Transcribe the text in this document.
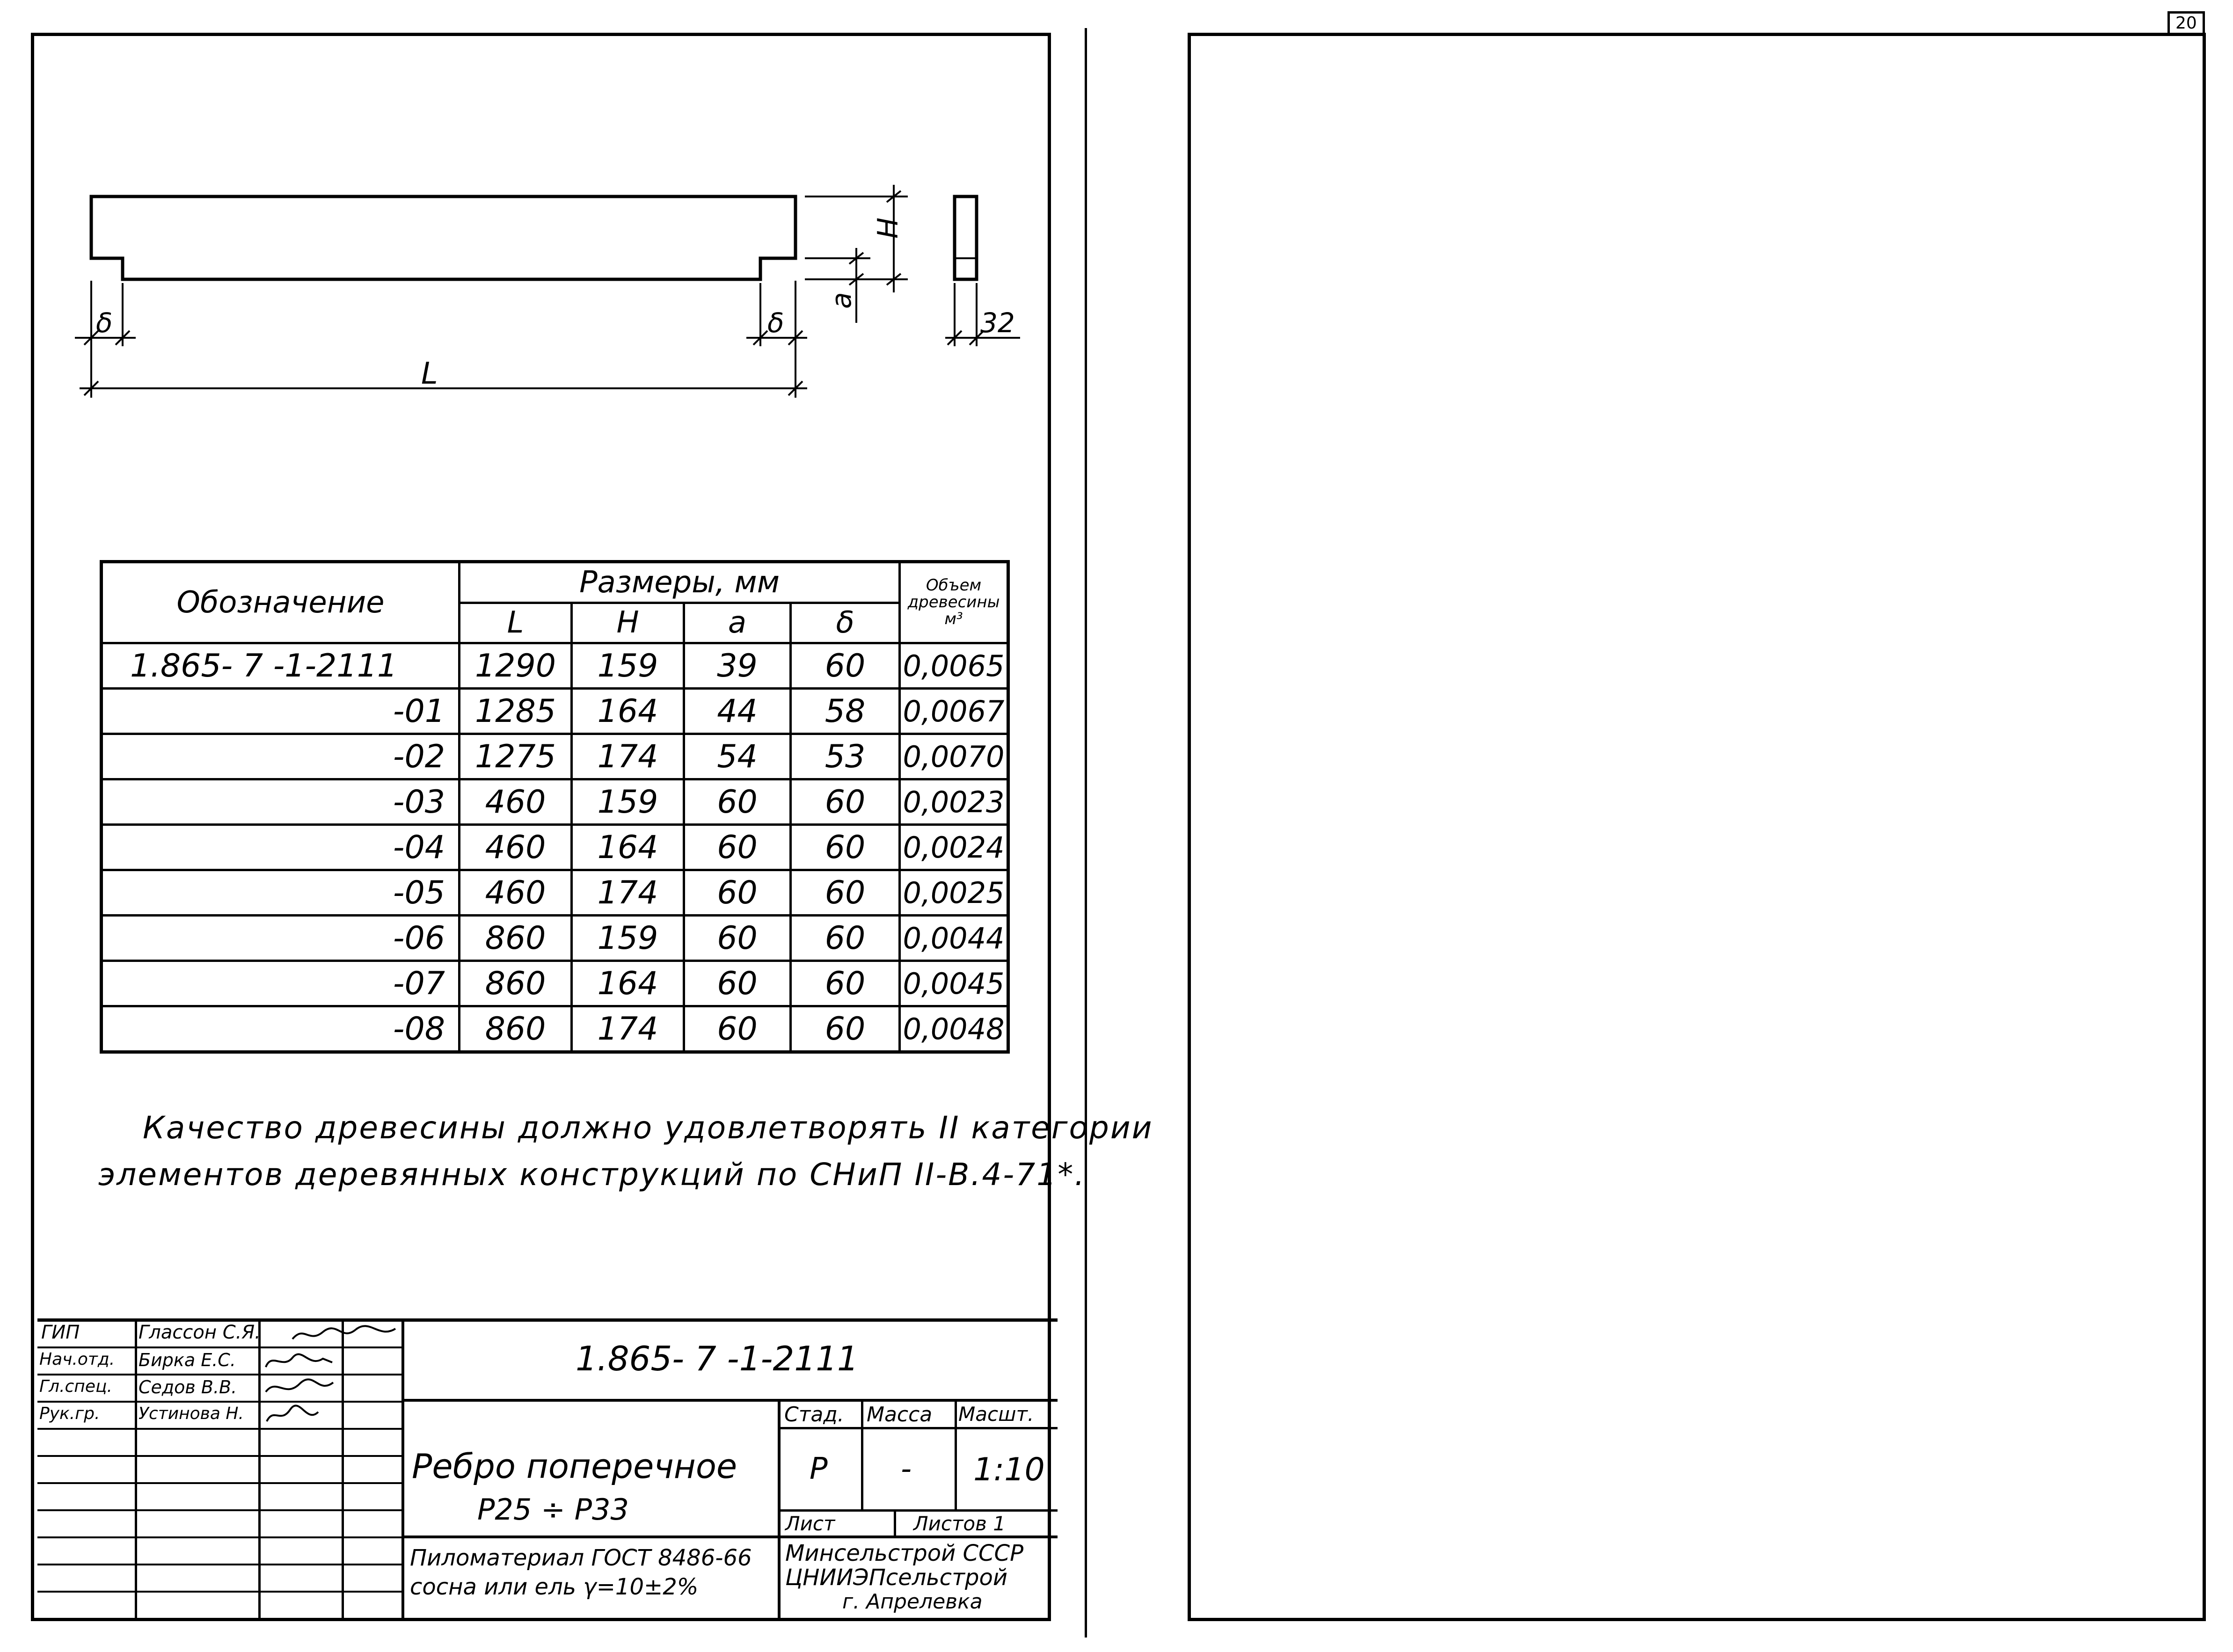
20
L
H
a
δ	δ	32
Обозначение	Размеры, мм				Объем
древесины
м³
	L	H	a	δ	
1.865- 7 -1-2111	1290	159	39	60	0,0065
-01	1285	164	44	58	0,0067
-02	1275	174	54	53	0,0070
-03	460	159	60	60	0,0023
-04	460	164	60	60	0,0024
-05	460	174	60	60	0,0025
-06	860	159	60	60	0,0044
-07	860	164	60	60	0,0045
-08	860	174	60	60	0,0048
Качество древесины должно удовлетворять II категории
элементов деревянных конструкций по СНиП II-В.4-71*.
ГИП	Глассон С.Я.
Нач.отд. Бирка Е.С.
Гл.спец. Седов В.В.
Рук.гр. Устинова Н.
1.865- 7 -1-2111
Ребро поперечное
Р25 ÷ Р33
Стад. Масса Масшт.
Р - 1:10
Лист	Листов 1
Пиломатериал ГОСТ 8486-66
сосна или ель γ=10±2%
Минсельстрой СССР
ЦНИИЭПсельстрой
г. Апрелевка
